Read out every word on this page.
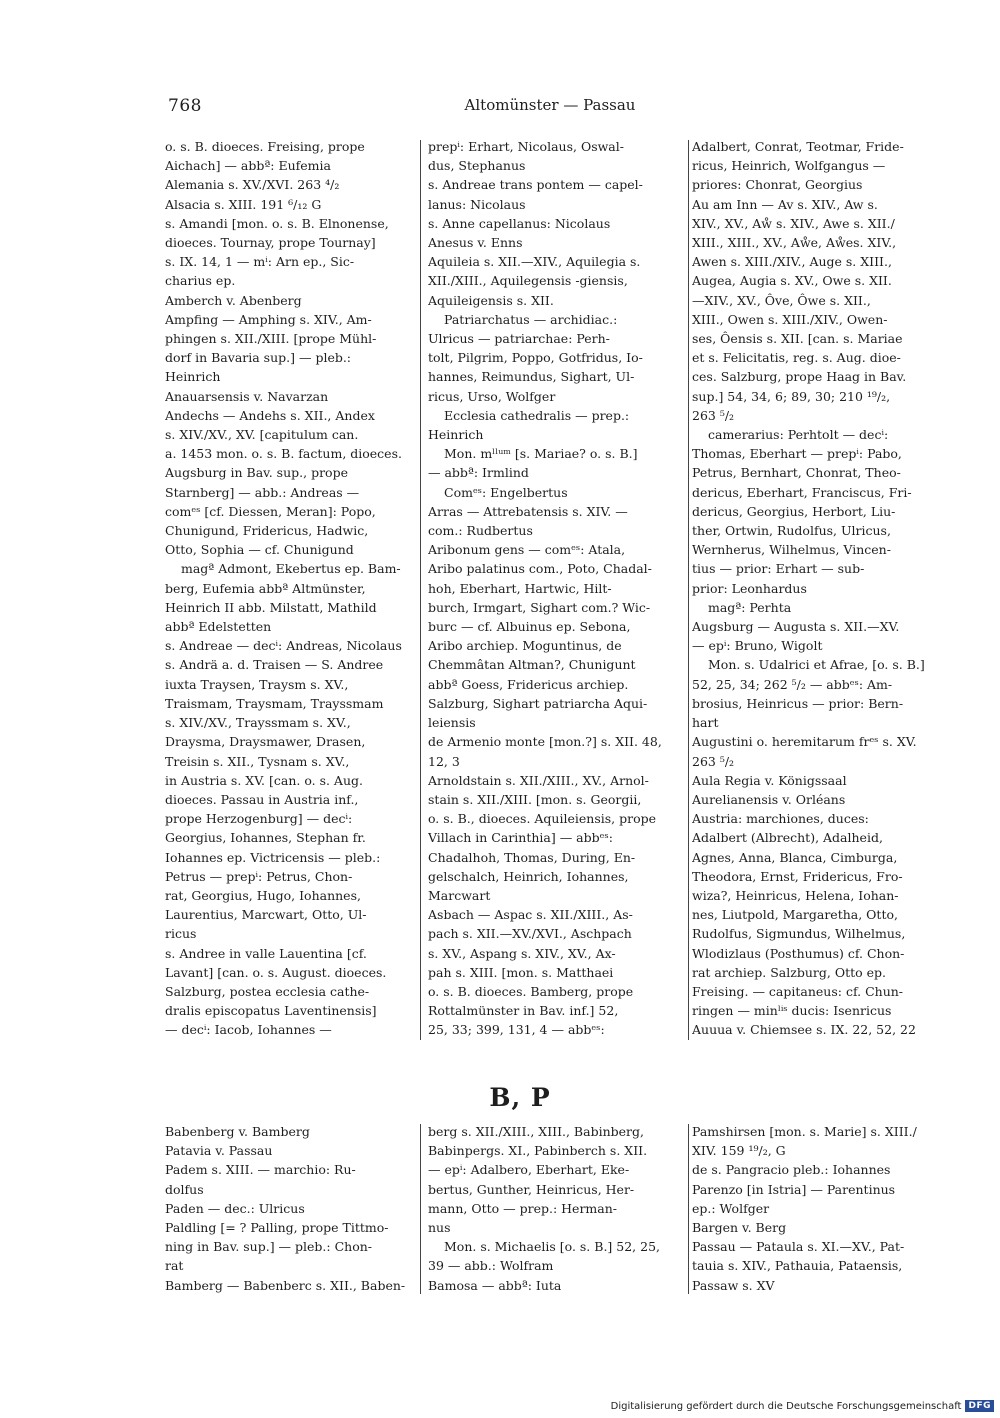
768	Altomünster — Passau

o. s. B. dioeces. Freising, prope

Aichach] — abbª: Eufemia

Alemania s. XV./XVI. 263 ⁴/₂

Alsacia s. XIII. 191 ⁶/₁₂ G

s. Amandi [mon. o. s. B. Elnonense,

dioeces. Tournay, prope Tournay]

s. IX. 14, 1 — mⁱ: Arn ep., Sic-

charius ep.

Amberch v. Abenberg

Ampfing — Amphing s. XIV., Am-

phingen s. XII./XIII. [prope Mühl-

dorf in Bavaria sup.] — pleb.:

Heinrich

Anauarsensis v. Navarzan

Andechs — Andehs s. XII., Andex

s. XIV./XV., XV. [capitulum can.

a. 1453 mon. o. s. B. factum, dioeces.

Augsburg in Bav. sup., prope

Starnberg] — abb.: Andreas —

comᵉˢ [cf. Diessen, Meran]: Popo,

Chunigund, Fridericus, Hadwic,

Otto, Sophia — cf. Chunigund

magª Admont, Ekebertus ep. Bam-

berg, Eufemia abbª Altmünster,

Heinrich II abb. Milstatt, Mathild

abbª Edelstetten

s. Andreae — decⁱ: Andreas, Nicolaus

s. Andrä a. d. Traisen — S. Andree

iuxta Traysen, Traysm s. XV.,

Traismam, Traysmam, Trayssmam

s. XIV./XV., Trayssmam s. XV.,

Draysma, Draysmawer, Drasen,

Treisin s. XII., Tysnam s. XV.,

in Austria s. XV. [can. o. s. Aug.

dioeces. Passau in Austria inf.,

prope Herzogenburg] — decⁱ:

Georgius, Iohannes, Stephan fr.

Iohannes ep. Victricensis — pleb.:

Petrus — prepⁱ: Petrus, Chon-

rat, Georgius, Hugo, Iohannes,

Laurentius, Marcwart, Otto, Ul-

ricus

s. Andree in valle Lauentina [cf.

Lavant] [can. o. s. August. dioeces.

Salzburg, postea ecclesia cathe-

dralis episcopatus Laventinensis]

— decⁱ: Iacob, Iohannes —

prepⁱ: Erhart, Nicolaus, Oswal-

dus, Stephanus

s. Andreae trans pontem — capel-

lanus: Nicolaus

s. Anne capellanus: Nicolaus

Anesus v. Enns

Aquileia s. XII.—XIV., Aquilegia s.

XII./XIII., Aquilegensis -giensis,

Aquileigensis s. XII.

Patriarchatus — archidiac.:

Ulricus — patriarchae: Perh-

tolt, Pilgrim, Poppo, Gotfridus, Io-

hannes, Reimundus, Sighart, Ul-

ricus, Urso, Wolfger

Ecclesia cathedralis — prep.:

Heinrich

Mon. mˡˡᵘᵐ [s. Mariae? o. s. B.]

— abbª: Irmlind

Comᵉˢ: Engelbertus

Arras — Attrebatensis s. XIV. —

com.: Rudbertus

Aribonum gens — comᵉˢ: Atala,

Aribo palatinus com., Poto, Chadal-

hoh, Eberhart, Hartwic, Hilt-

burch, Irmgart, Sighart com.? Wic-

burc — cf. Albuinus ep. Sebona,

Aribo archiep. Moguntinus, de

Chemmâtan Altman?, Chunigunt

abbª Goess, Fridericus archiep.

Salzburg, Sighart patriarcha Aqui-

leiensis

de Armenio monte [mon.?] s. XII. 48,

12, 3

Arnoldstain s. XII./XIII., XV., Arnol-

stain s. XII./XIII. [mon. s. Georgii,

o. s. B., dioeces. Aquileiensis, prope

Villach in Carinthia] — abbᵉˢ:

Chadalhoh, Thomas, During, En-

gelschalch, Heinrich, Iohannes,

Marcwart

Asbach — Aspac s. XII./XIII., As-

pach s. XII.—XV./XVI., Aschpach

s. XV., Aspang s. XIV., XV., Ax-

pah s. XIII. [mon. s. Matthaei

o. s. B. dioeces. Bamberg, prope

Rottalmünster in Bav. inf.] 52,

25, 33; 399, 131, 4 — abbᵉˢ:

Adalbert, Conrat, Teotmar, Fride-

ricus, Heinrich, Wolfgangus —

priores: Chonrat, Georgius

Au am Inn — Av s. XIV., Aw s.

XIV., XV., Aẘ s. XIV., Awe s. XII./

XIII., XIII., XV., Aẘe, Aẘes. XIV.,

Awen s. XIII./XIV., Auge s. XIII.,

Augea, Augia s. XV., Owe s. XII.

—XIV., XV., Ôve, Ôwe s. XII.,

XIII., Owen s. XIII./XIV., Owen-

ses, Ôensis s. XII. [can. s. Mariae

et s. Felicitatis, reg. s. Aug. dioe-

ces. Salzburg, prope Haag in Bav.

sup.] 54, 34, 6; 89, 30; 210 ¹⁹/₂,

263 ⁵/₂

camerarius: Perhtolt — decⁱ:

Thomas, Eberhart — prepⁱ: Pabo,

Petrus, Bernhart, Chonrat, Theo-

dericus, Eberhart, Franciscus, Fri-

dericus, Georgius, Herbort, Liu-

ther, Ortwin, Rudolfus, Ulricus,

Wernherus, Wilhelmus, Vincen-

tius — prior: Erhart — sub-

prior: Leonhardus

magª: Perhta

Augsburg — Augusta s. XII.—XV.

— epⁱ: Bruno, Wigolt

Mon. s. Udalrici et Afrae, [o. s. B.]

52, 25, 34; 262 ⁵/₂ — abbᵉˢ: Am-

brosius, Heinricus — prior: Bern-

hart

Augustini o. heremitarum frᵉˢ s. XV.

263 ⁵/₂

Aula Regia v. Königssaal

Aurelianensis v. Orléans

Austria: marchiones, duces:

Adalbert (Albrecht), Adalheid,

Agnes, Anna, Blanca, Cimburga,

Theodora, Ernst, Fridericus, Fro-

wiza?, Heinricus, Helena, Iohan-

nes, Liutpold, Margaretha, Otto,

Rudolfus, Sigmundus, Wilhelmus,

Wlodizlaus (Posthumus) cf. Chon-

rat archiep. Salzburg, Otto ep.

Freising. — capitaneus: cf. Chun-

ringen — minˡⁱˢ ducis: Isenricus

Auuua v. Chiemsee s. IX. 22, 52, 22

B, P

Babenberg v. Bamberg

Patavia v. Passau

Padem s. XIII. — marchio: Ru-

dolfus

Paden — dec.: Ulricus

Paldling [= ? Palling, prope Tittmo-

ning in Bav. sup.] — pleb.: Chon-

rat

Bamberg — Babenberc s. XII., Baben-

berg s. XII./XIII., XIII., Babinberg,

Babinpergs. XI., Pabinberch s. XII.

— epⁱ: Adalbero, Eberhart, Eke-

bertus, Gunther, Heinricus, Her-

mann, Otto — prep.: Herman-

nus

Mon. s. Michaelis [o. s. B.] 52, 25,

39 — abb.: Wolfram

Bamosa — abbª: Iuta

Pamshirsen [mon. s. Marie] s. XIII./

XIV. 159 ¹⁹/₂, G

de s. Pangracio pleb.: Iohannes

Parenzo [in Istria] — Parentinus

ep.: Wolfger

Bargen v. Berg

Passau — Pataula s. XI.—XV., Pat-

tauia s. XIV., Pathauia, Pataensis,

Passaw s. XV

Digitalisierung gefördert durch die Deutsche Forschungsgemeinschaft DFG
